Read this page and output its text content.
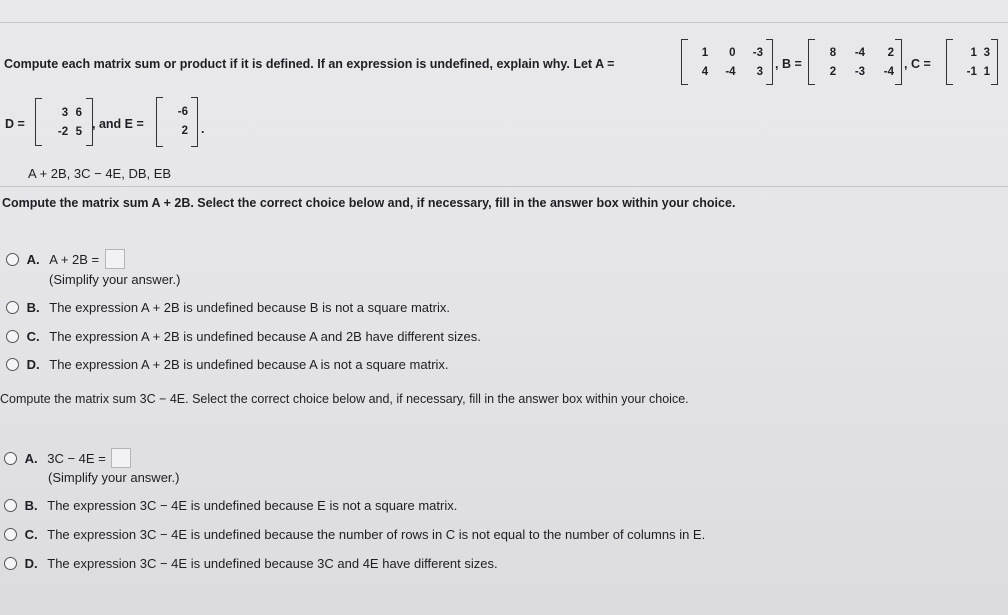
Compute each matrix sum or product if it is defined. If an expression is undefined, explain why. Let A =
1	0	-3
4	-4	3
, B =
8	-4	2
2	-3	-4
, C =
1	3
-1	1
D =
3	6
-2	5
, and E =
-6
2 .
A + 2B, 3C − 4E, DB, EB
Compute the matrix sum A + 2B. Select the correct choice below and, if necessary, fill in the answer box within your choice.
A. A + 2B =
(Simplify your answer.)
B. The expression A + 2B is undefined because B is not a square matrix.
C. The expression A + 2B is undefined because A and 2B have different sizes.
D. The expression A + 2B is undefined because A is not a square matrix.
Compute the matrix sum 3C − 4E. Select the correct choice below and, if necessary, fill in the answer box within your choice.
A. 3C − 4E =
(Simplify your answer.)
B. The expression 3C − 4E is undefined because E is not a square matrix.
C. The expression 3C − 4E is undefined because the number of rows in C is not equal to the number of columns in E.
D. The expression 3C − 4E is undefined because 3C and 4E have different sizes.
